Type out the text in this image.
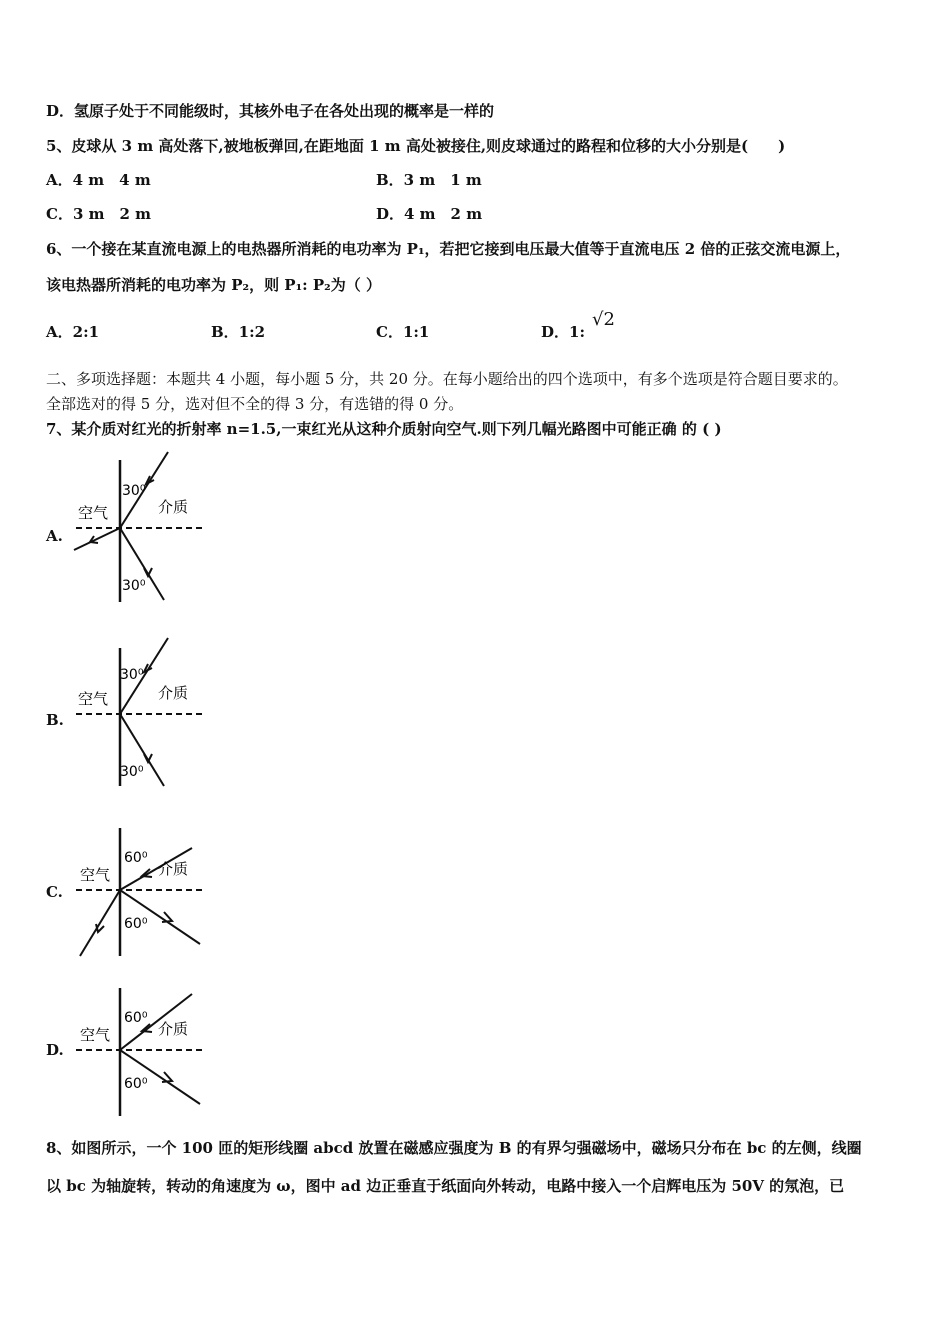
D．氢原子处于不同能级时，其核外电子在各处出现的概率是一样的
5、皮球从 3 m 高处落下,被地板弹回,在距地面 1 m 高处被接住,则皮球通过的路程和位移的大小分别是(　　)
A．4 m　4 m	B．3 m　1 m
C．3 m　2 m	D．4 m　2 m
6、一个接在某直流电源上的电热器所消耗的电功率为 P₁，若把它接到电压最大值等于直流电压 2 倍的正弦交流电源上，
该电热器所消耗的电功率为 P₂，则 P₁: P₂为（ ）
A．2:1	B．1:2	C．1:1	D．1:
√2
二、多项选择题：本题共 4 小题，每小题 5 分，共 20 分。在每小题给出的四个选项中，有多个选项是符合题目要求的。
全部选对的得 5 分，选对但不全的得 3 分，有选错的得 0 分。
7、某介质对红光的折射率 n=1.5,一束红光从这种介质射向空气.则下列几幅光路图中可能正确 的 ( )
A.
30⁰
30⁰
空气	介质
B.
30⁰
30⁰
空气	介质
C.
60⁰
60⁰
空气	介质
D.
60⁰
60⁰
空气	介质
8、如图所示，一个 100 匝的矩形线圈 abcd 放置在磁感应强度为 B 的有界匀强磁场中，磁场只分布在 bc 的左侧，线圈
以 bc 为轴旋转，转动的角速度为 ω，图中 ad 边正垂直于纸面向外转动，电路中接入一个启辉电压为 50V 的氖泡，已
